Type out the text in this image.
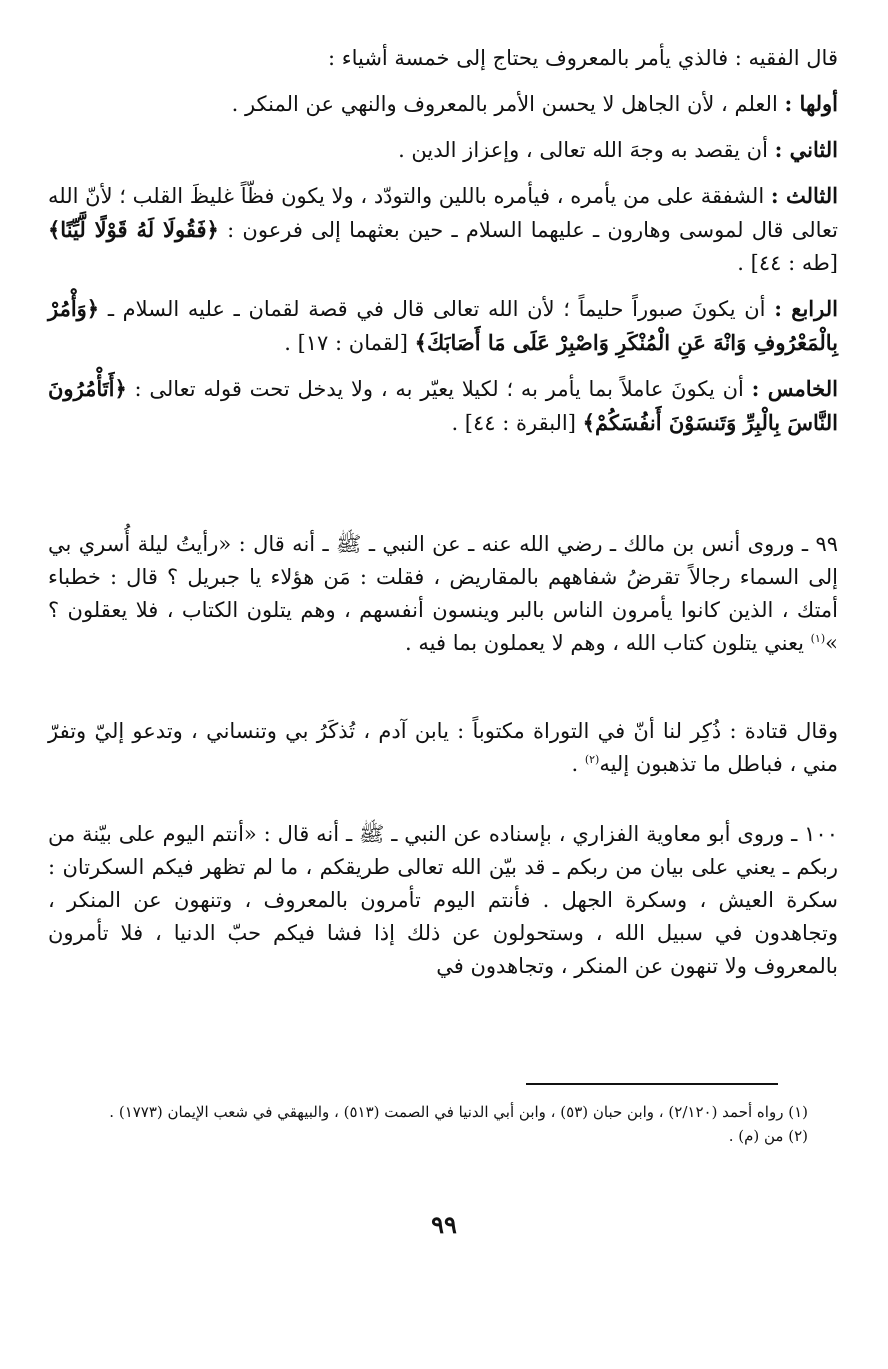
قال الفقيه : فالذي يأمر بالمعروف يحتاج إلى خمسة أشياء :

أولها : العلم ، لأن الجاهل لا يحسن الأمر بالمعروف والنهي عن المنكر .

الثاني : أن يقصد به وجهَ الله تعالى ، وإعزاز الدين .

الثالث : الشفقة على من يأمره ، فيأمره باللين والتودّد ، ولا يكون فظّاً غليظَ القلب ؛ لأنّ الله تعالى قال لموسى وهارون ـ عليهما السلام ـ حين بعثهما إلى فرعون : ﴿فَقُولَا لَهُ قَوْلًا لَّيِّنًا﴾ [طه : ٤٤] .

الرابع : أن يكونَ صبوراً حليماً ؛ لأن الله تعالى قال في قصة لقمان ـ عليه السلام ـ ﴿وَأْمُرْ بِالْمَعْرُوفِ وَانْهَ عَنِ الْمُنْكَرِ وَاصْبِرْ عَلَى مَا أَصَابَكَ﴾ [لقمان : ١٧] .

الخامس : أن يكونَ عاملاً بما يأمر به ؛ لكيلا يعيّر به ، ولا يدخل تحت قوله تعالى : ﴿أَتَأْمُرُونَ النَّاسَ بِالْبِرِّ وَتَنسَوْنَ أَنفُسَكُمْ﴾ [البقرة : ٤٤] .

٩٩ ـ وروى أنس بن مالك ـ رضي الله عنه ـ عن النبي ـ ﷺ ـ أنه قال : «رأيتُ ليلة أُسري بي إلى السماء رجالاً تقرضُ شفاههم بالمقاريض ، فقلت : مَن هؤلاء يا جبريل ؟ قال : خطباء أمتك ، الذين كانوا يأمرون الناس بالبر وينسون أنفسهم ، وهم يتلون الكتاب ، فلا يعقلون ؟ »$^{(١)}$ يعني يتلون كتاب الله ، وهم لا يعملون بما فيه .

وقال قتادة : ذُكِر لنا أنّ في التوراة مكتوباً : يابن آدم ، تُذكَرُ بي وتنساني ، وتدعو إليّ وتفرّ مني ، فباطل ما تذهبون إليه$^{(٢)}$ .

١٠٠ ـ وروى أبو معاوية الفزاري ، بإسناده عن النبي ـ ﷺ ـ أنه قال : «أنتم اليوم على بيّنة من ربكم ـ يعني على بيان من ربكم ـ قد بيّن الله تعالى طريقكم ، ما لم تظهر فيكم السكرتان : سكرة العيش ، وسكرة الجهل . فأنتم اليوم تأمرون بالمعروف ، وتنهون عن المنكر ، وتجاهدون في سبيل الله ، وستحولون عن ذلك إذا فشا فيكم حبّ الدنيا ، فلا تأمرون بالمعروف ولا تنهون عن المنكر ، وتجاهدون في

(١) رواه أحمد (٢/١٢٠) ، وابن حبان (٥٣) ، وابن أبي الدنيا في الصمت (٥١٣) ، والبيهقي في شعب الإيمان (١٧٧٣) .

(٢) من (م) .

٩٩
